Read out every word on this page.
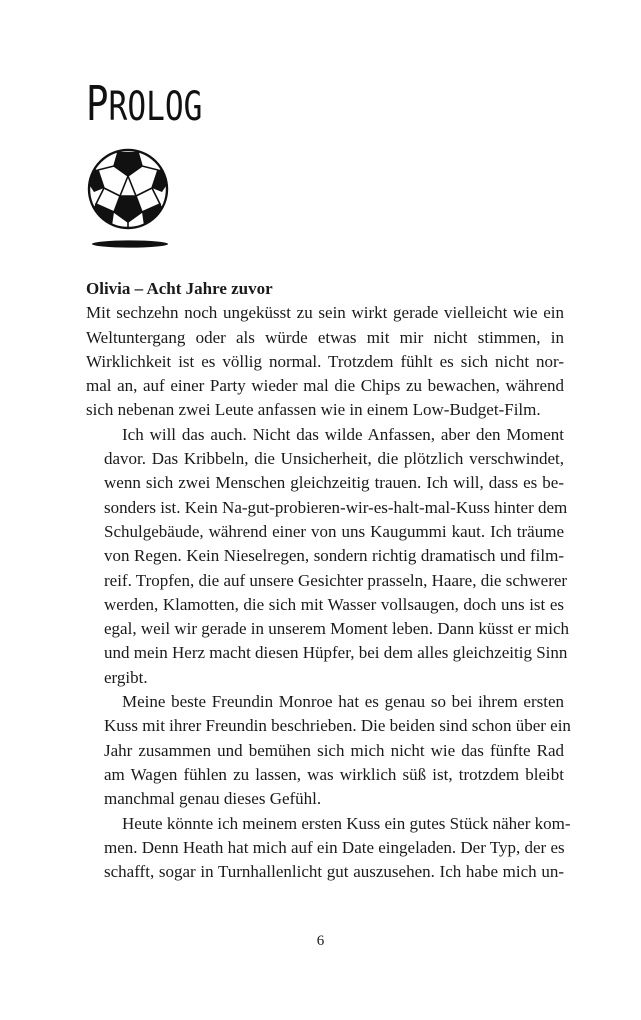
PROLOG
Olivia – Acht Jahre zuvor

Mit sechzehn noch ungeküsst zu sein wirkt gerade vielleicht wie ein
Weltuntergang oder als würde etwas mit mir nicht stimmen, in
Wirklichkeit ist es völlig normal. Trotzdem fühlt es sich nicht nor-
mal an, auf einer Party wieder mal die Chips zu bewachen, während
sich nebenan zwei Leute anfassen wie in einem Low-Budget-Film.

Ich will das auch. Nicht das wilde Anfassen, aber den Moment
davor. Das Kribbeln, die Unsicherheit, die plötzlich verschwindet,
wenn sich zwei Menschen gleichzeitig trauen. Ich will, dass es be-
sonders ist. Kein Na-gut-probieren-wir-es-halt-mal-Kuss hinter dem
Schulgebäude, während einer von uns Kaugummi kaut. Ich träume
von Regen. Kein Nieselregen, sondern richtig dramatisch und film-
reif. Tropfen, die auf unsere Gesichter prasseln, Haare, die schwerer
werden, Klamotten, die sich mit Wasser vollsaugen, doch uns ist es
egal, weil wir gerade in unserem Moment leben. Dann küsst er mich
und mein Herz macht diesen Hüpfer, bei dem alles gleichzeitig Sinn
ergibt.

Meine beste Freundin Monroe hat es genau so bei ihrem ersten
Kuss mit ihrer Freundin beschrieben. Die beiden sind schon über ein
Jahr zusammen und bemühen sich mich nicht wie das fünfte Rad
am Wagen fühlen zu lassen, was wirklich süß ist, trotzdem bleibt
manchmal genau dieses Gefühl.

Heute könnte ich meinem ersten Kuss ein gutes Stück näher kom-
men. Denn Heath hat mich auf ein Date eingeladen. Der Typ, der es
schafft, sogar in Turnhallenlicht gut auszusehen. Ich habe mich un-

6
